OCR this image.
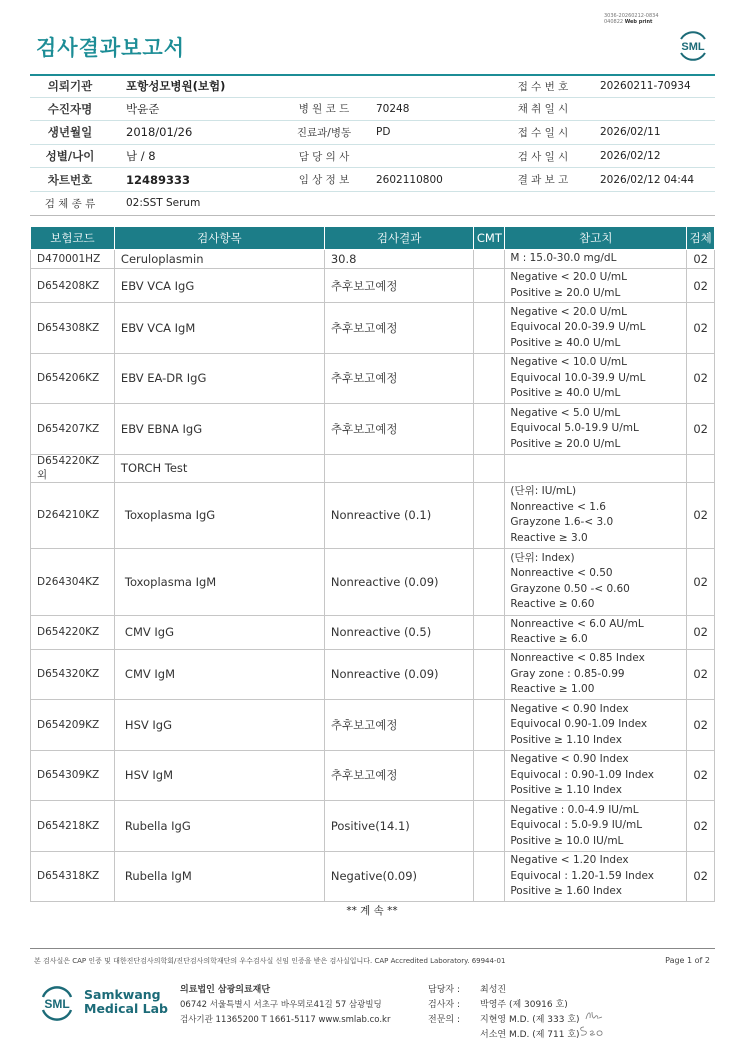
검사결과보고서
3036-20260212-0834
040822 Web print
SML
의뢰기관	포항성모병원(보험)	접 수 번 호	20260211-70934
수진자명	박윤준	병 원 코 드	70248	채 취 일 시
생년월일	2018/01/26	진료과/병동	PD	접 수 일 시	2026/02/11
성별/나이	남 / 8	담 당 의 사	검 사 일 시	2026/02/12
차트번호	12489333	임 상 정 보	2602110800	결 과 보 고	2026/02/12 04:44
검 체 종 류	02:SST Serum
보험코드	검사항목	검사결과	CMT	참고치	검체
D470001HZ	Ceruloplasmin	30.8		M : 15.0-30.0 mg/dL	02
D654208KZ	EBV VCA IgG	추후보고예정		Negative < 20.0 U/mL
Positive ≥ 20.0 U/mL	02
D654308KZ	EBV VCA IgM	추후보고예정		Negative < 20.0 U/mL
Equivocal 20.0-39.9 U/mL
Positive ≥ 40.0 U/mL	02
D654206KZ	EBV EA-DR IgG	추후보고예정		Negative < 10.0 U/mL
Equivocal 10.0-39.9 U/mL
Positive ≥ 40.0 U/mL	02
D654207KZ	EBV EBNA IgG	추후보고예정		Negative < 5.0 U/mL
Equivocal 5.0-19.9 U/mL
Positive ≥ 20.0 U/mL	02
D654220KZ외	TORCH Test				
D264210KZ	Toxoplasma IgG	Nonreactive (0.1)		(단위: IU/mL)
Nonreactive < 1.6
Grayzone 1.6-< 3.0
Reactive ≥ 3.0	02
D264304KZ	Toxoplasma IgM	Nonreactive (0.09)		(단위: Index)
Nonreactive < 0.50
Grayzone 0.50 -< 0.60
Reactive ≥ 0.60	02
D654220KZ	CMV IgG	Nonreactive (0.5)		Nonreactive < 6.0 AU/mL
Reactive ≥ 6.0	02
D654320KZ	CMV IgM	Nonreactive (0.09)		Nonreactive < 0.85 Index
Gray zone : 0.85-0.99
Reactive ≥ 1.00	02
D654209KZ	HSV IgG	추후보고예정		Negative < 0.90 Index
Equivocal 0.90-1.09 Index
Positive ≥ 1.10 Index	02
D654309KZ	HSV IgM	추후보고예정		Negative < 0.90 Index
Equivocal : 0.90-1.09 Index
Positive ≥ 1.10 Index	02
D654218KZ	Rubella IgG	Positive(14.1)		Negative : 0.0-4.9 IU/mL
Equivocal : 5.0-9.9 IU/mL
Positive ≥ 10.0 IU/mL	02
D654318KZ	Rubella IgM	Negative(0.09)		Negative < 1.20 Index
Equivocal : 1.20-1.59 Index
Positive ≥ 1.60 Index	02
** 계 속 **
본 검사실은 CAP 인증 및 대한진단검사의학회/진단검사의학재단의 우수검사실 신임 인증을 받은 검사실입니다. CAP Accredited Laboratory. 69944-01	Page 1 of 2
SML
Samkwang
Medical Lab
의료법인 삼광의료재단
06742 서울특별시 서초구 바우뫼로41길 57 삼광빌딩
검사기관 11365200 T 1661-5117 www.smlab.co.kr
담당자 : 최성진
검사자 : 박영주 (제 30916 호)
전문의 : 지현영 M.D. (제 333 호)
서소연 M.D. (제 711 호)
